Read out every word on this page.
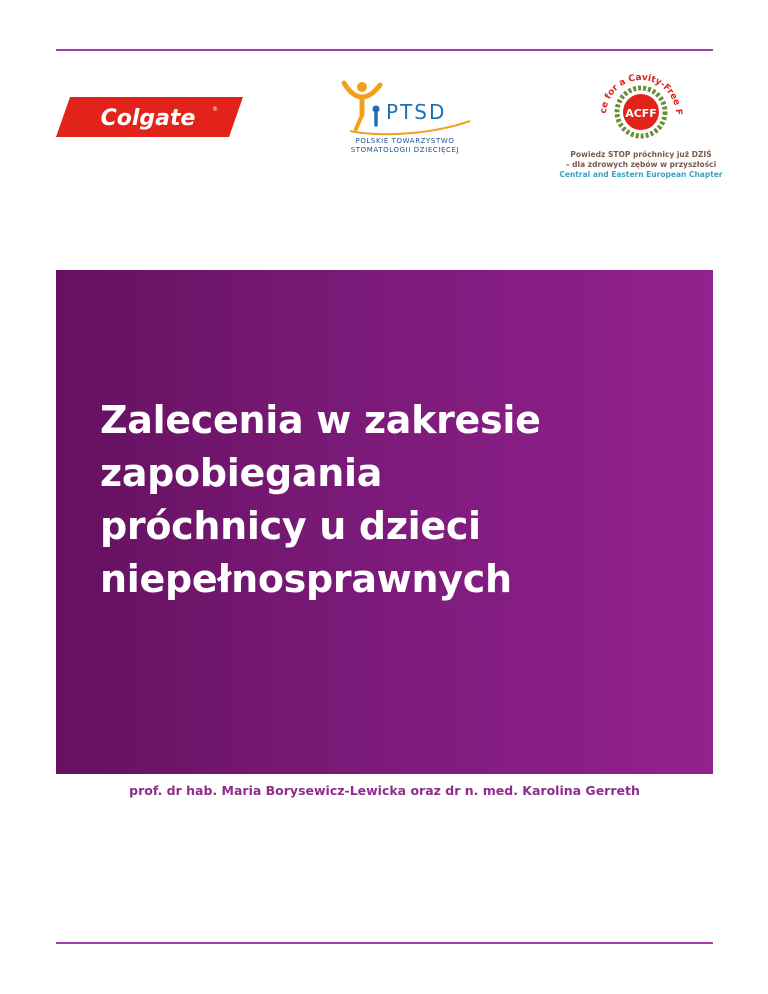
Colgate	®	PTSD
POLSKIE TOWARZYSTWO
STOMATOLOGII DZIECIĘCEJ
ACFF
ce for a Cavity-Free F
Powiedz STOP próchnicy już DZIŚ
– dla zdrowych zębów w przyszłości
Central and Eastern European Chapter
Zalecenia w zakresie
zapobiegania
próchnicy u dzieci
niepełnosprawnych
prof. dr hab. Maria Borysewicz-Lewicka oraz dr n. med. Karolina Gerreth
